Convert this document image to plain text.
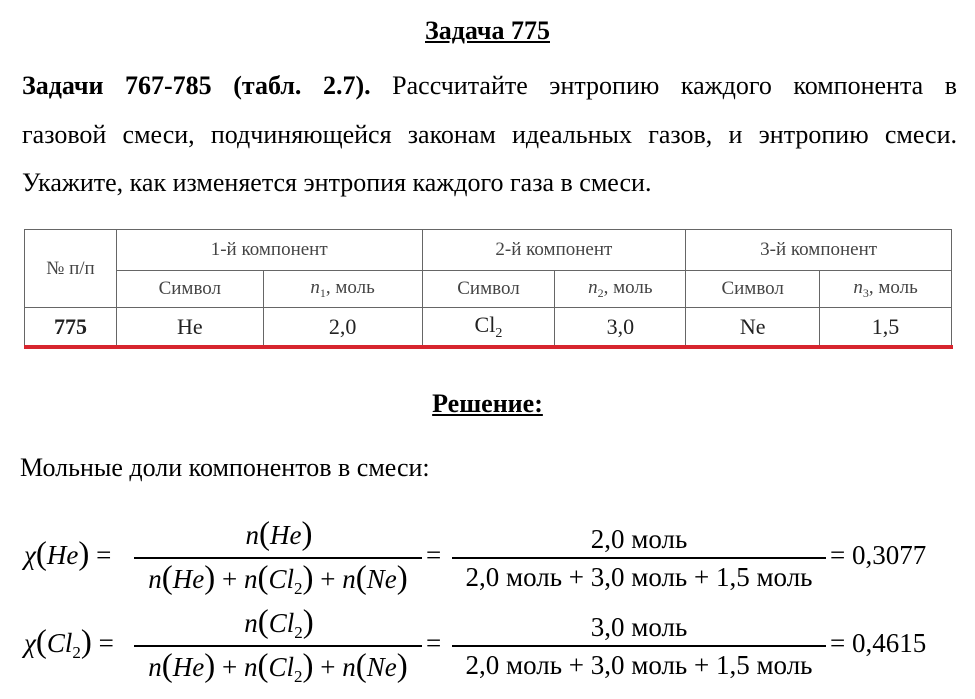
Задача 775
Задачи 767-785 (табл. 2.7). Рассчитайте энтропию каждого компонента в
газовой смеси, подчиняющейся законам идеальных газов, и энтропию смеси.
Укажите, как изменяется энтропия каждого газа в смеси.
№ п/п	1-й компонент		2-й компонент		3-й компонент	
	Символ	$n_1$, моль	Символ	$n_2$, моль	Символ	$n_3$, моль
775	He	2,0	$Cl_2$	3,0	Ne	1,5
Решение:
Мольные доли компонентов в смеси:
χ(He) =
n(He)
$n(He) + n(Cl_2) + n(Ne)$
=
2,0 моль
2,0 моль + 3,0 моль + 1,5 моль
= 0,3077
$\chi(Cl_2)$ =
$n(Cl_2)$
$n(He) + n(Cl_2) + n(Ne)$
=
3,0 моль
2,0 моль + 3,0 моль + 1,5 моль
= 0,4615
